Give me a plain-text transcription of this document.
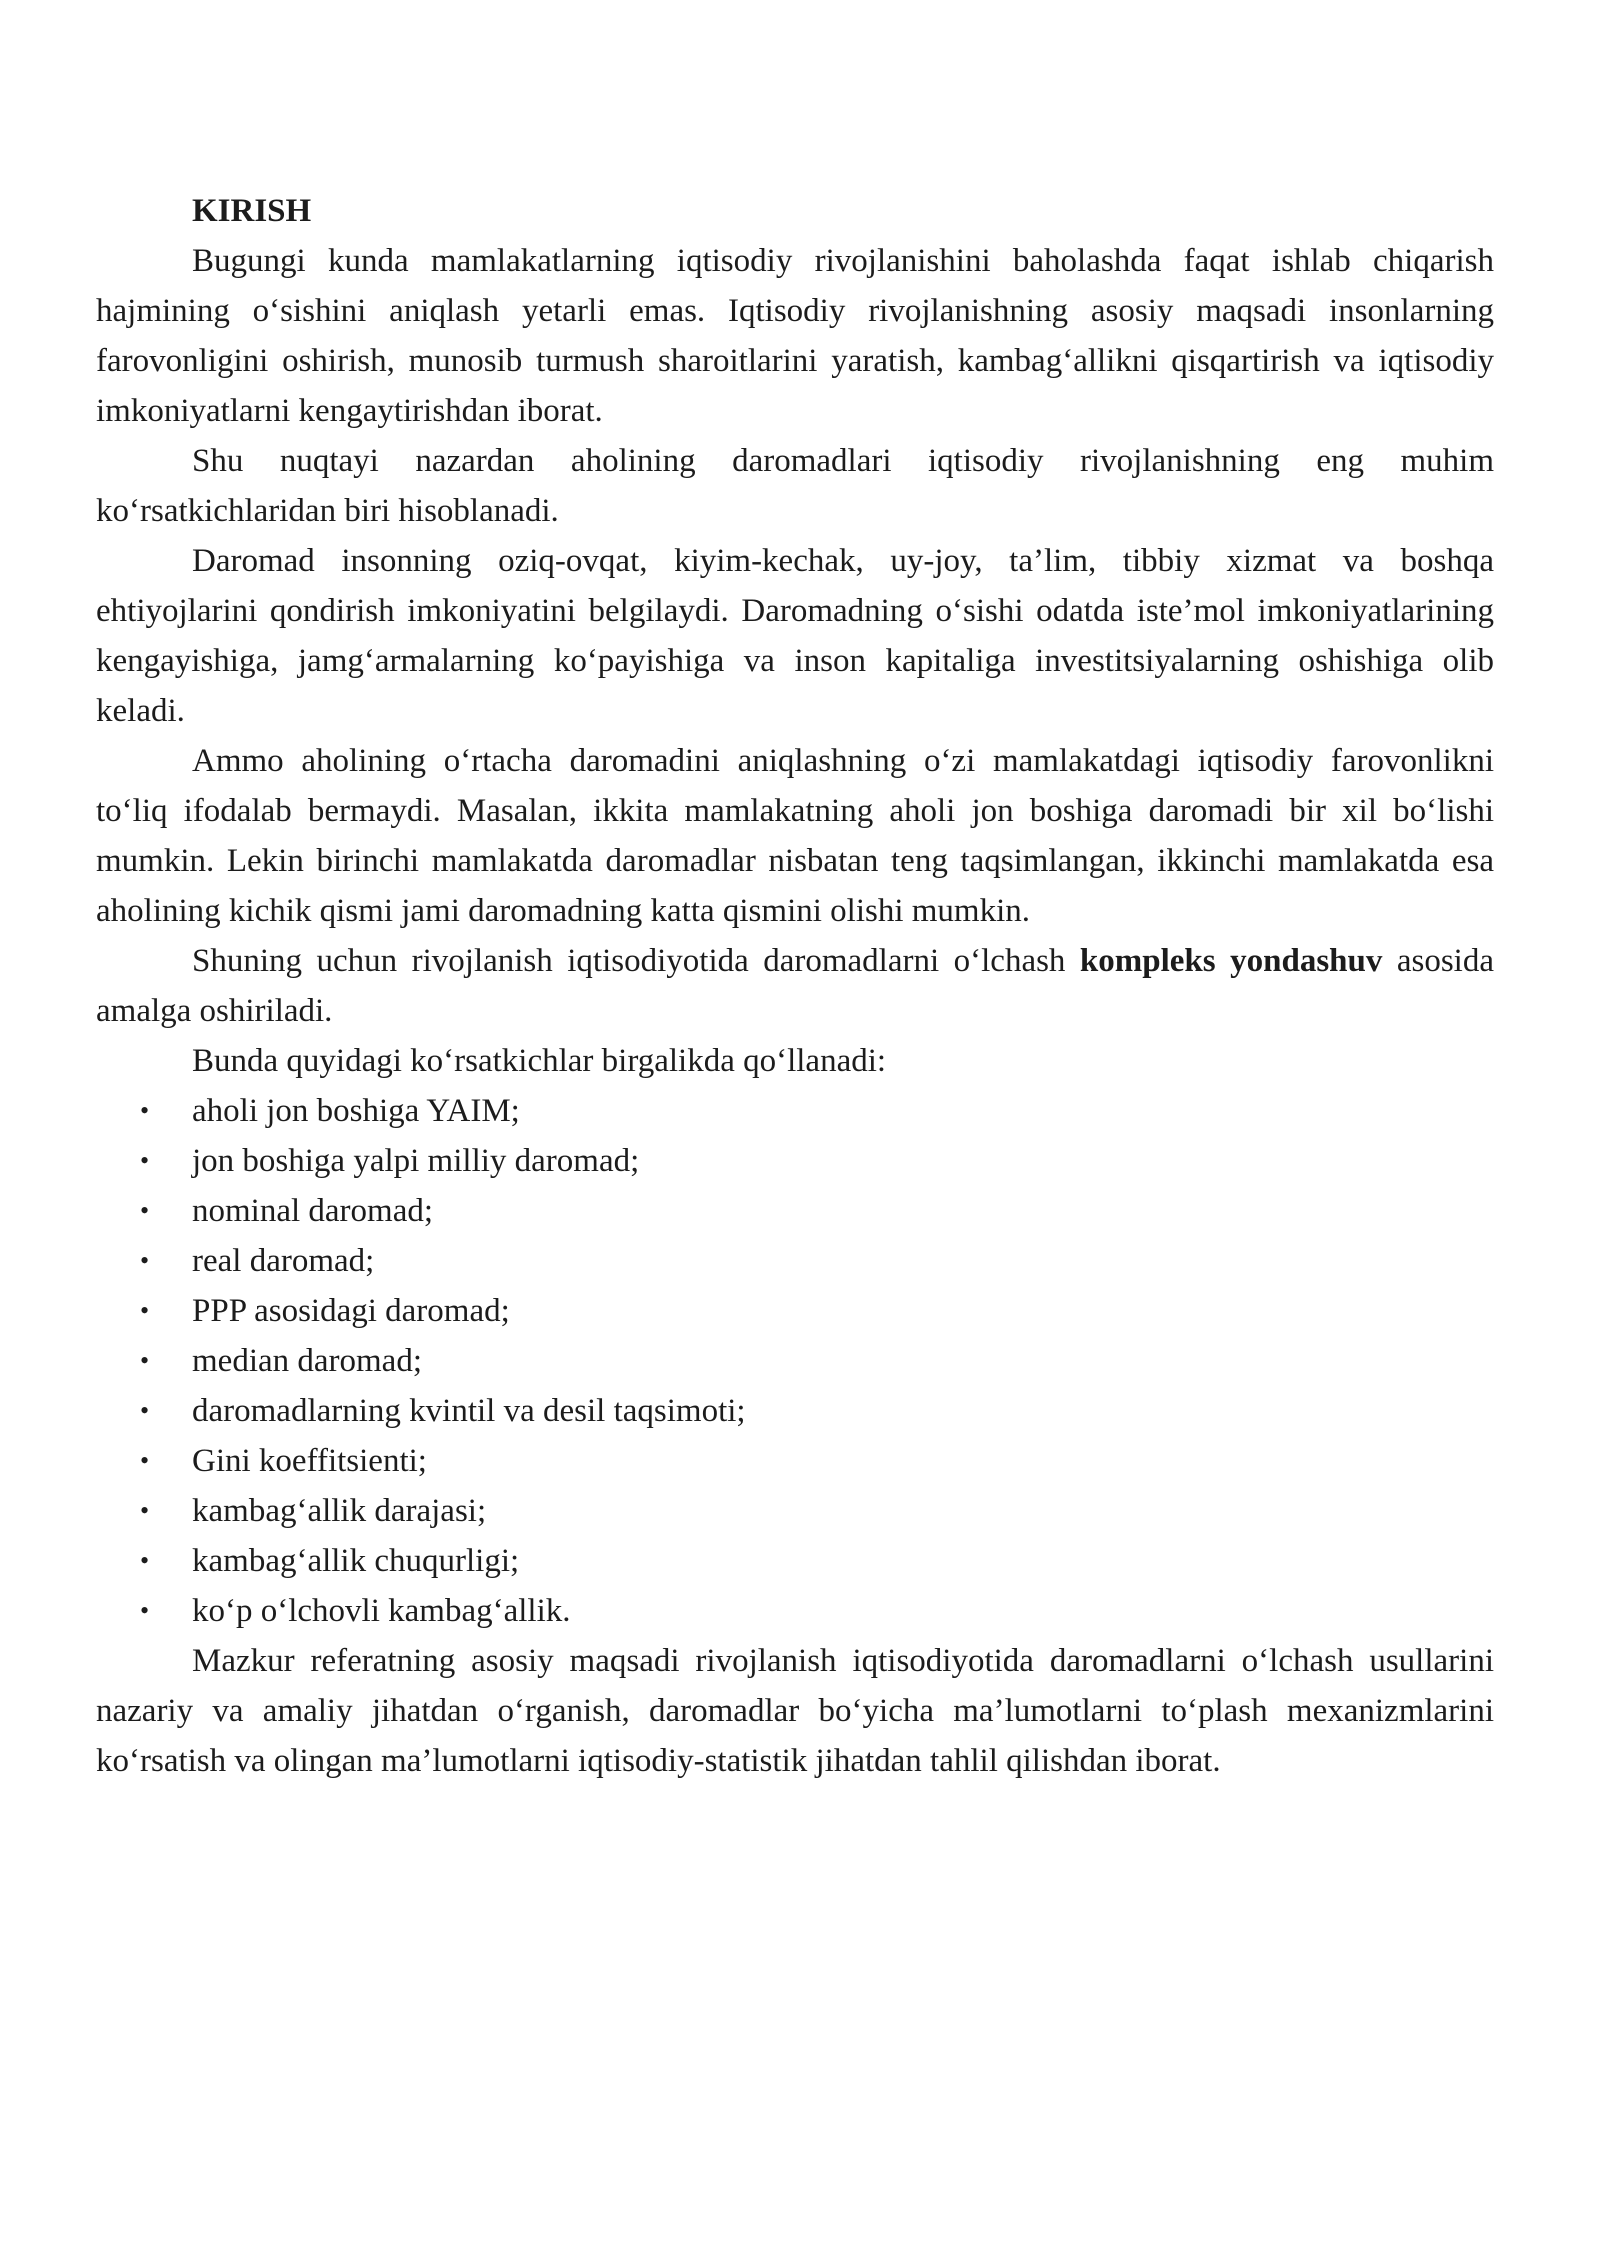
KIRISH

Bugungi kunda mamlakatlarning iqtisodiy rivojlanishini baholashda faqat ishlab chiqarish hajmining o‘sishini aniqlash yetarli emas. Iqtisodiy rivojlanishning asosiy maqsadi insonlarning farovonligini oshirish, munosib turmush sharoitlarini yaratish, kambag‘allikni qisqartirish va iqtisodiy imkoniyatlarni kengaytirishdan iborat.

Shu nuqtayi nazardan aholining daromadlari iqtisodiy rivojlanishning eng muhim ko‘rsatkichlaridan biri hisoblanadi.

Daromad insonning oziq-ovqat, kiyim-kechak, uy-joy, ta’lim, tibbiy xizmat va boshqa ehtiyojlarini qondirish imkoniyatini belgilaydi. Daromadning o‘sishi odatda iste’mol imkoniyatlarining kengayishiga, jamg‘armalarning ko‘payishiga va inson kapitaliga investitsiyalarning oshishiga olib keladi.

Ammo aholining o‘rtacha daromadini aniqlashning o‘zi mamlakatdagi iqtisodiy farovonlikni to‘liq ifodalab bermaydi. Masalan, ikkita mamlakatning aholi jon boshiga daromadi bir xil bo‘lishi mumkin. Lekin birinchi mamlakatda daromadlar nisbatan teng taqsimlangan, ikkinchi mamlakatda esa aholining kichik qismi jami daromadning katta qismini olishi mumkin.

Shuning uchun rivojlanish iqtisodiyotida daromadlarni o‘lchash kompleks yondashuv asosida amalga oshiriladi.

Bunda quyidagi ko‘rsatkichlar birgalikda qo‘llanadi:

• aholi jon boshiga YAIM;
• jon boshiga yalpi milliy daromad;
• nominal daromad;
• real daromad;
• PPP asosidagi daromad;
• median daromad;
• daromadlarning kvintil va desil taqsimoti;
• Gini koeffitsienti;
• kambag‘allik darajasi;
• kambag‘allik chuqurligi;
• ko‘p o‘lchovli kambag‘allik.

Mazkur referatning asosiy maqsadi rivojlanish iqtisodiyotida daromadlarni o‘lchash usullarini nazariy va amaliy jihatdan o‘rganish, daromadlar bo‘yicha ma’lumotlarni to‘plash mexanizmlarini ko‘rsatish va olingan ma’lumotlarni iqtisodiy-statistik jihatdan tahlil qilishdan iborat.
